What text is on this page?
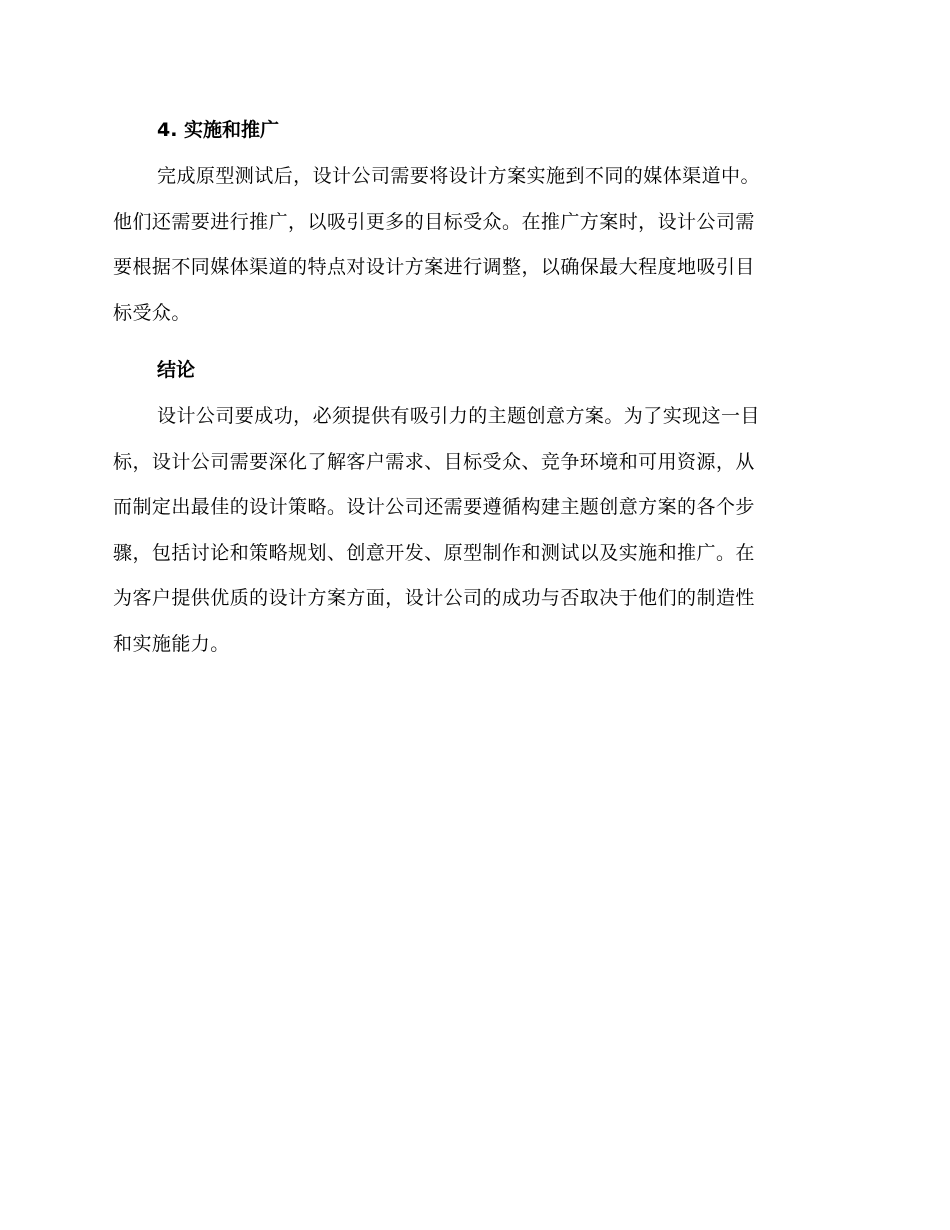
4. 实施和推广
完成原型测试后，设计公司需要将设计方案实施到不同的媒体渠道中。
他们还需要进行推广，以吸引更多的目标受众。在推广方案时，设计公司需
要根据不同媒体渠道的特点对设计方案进行调整，以确保最大程度地吸引目
标受众。
结论
设计公司要成功，必须提供有吸引力的主题创意方案。为了实现这一目
标，设计公司需要深化了解客户需求、目标受众、竞争环境和可用资源，从
而制定出最佳的设计策略。设计公司还需要遵循构建主题创意方案的各个步
骤，包括讨论和策略规划、创意开发、原型制作和测试以及实施和推广。在
为客户提供优质的设计方案方面，设计公司的成功与否取决于他们的制造性
和实施能力。
